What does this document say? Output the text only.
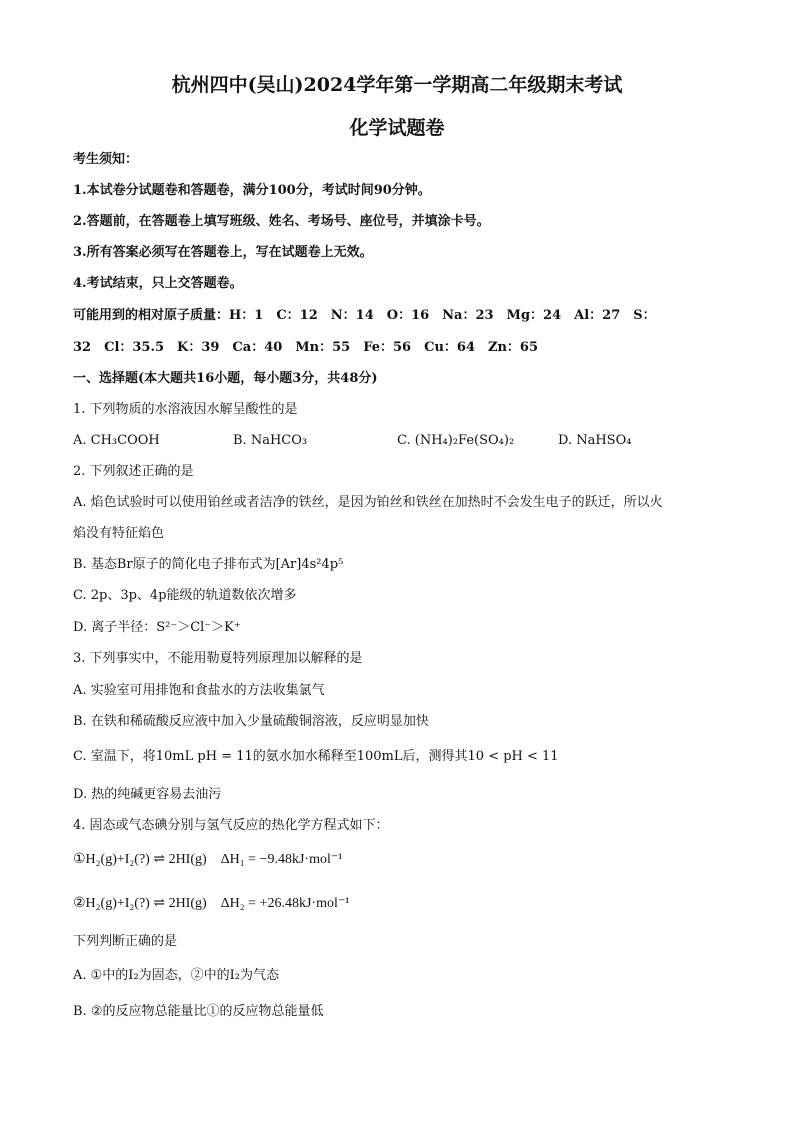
杭州四中(吴山)2024学年第一学期高二年级期末考试
化学试题卷
考生须知：
1.本试卷分试题卷和答题卷，满分100分，考试时间90分钟。
2.答题前，在答题卷上填写班级、姓名、考场号、座位号，并填涂卡号。
3.所有答案必须写在答题卷上，写在试题卷上无效。
4.考试结束，只上交答题卷。
可能用到的相对原子质量：H：1　C：12　N：14　O：16　Na：23　Mg：24　Al：27　S：
32　Cl：35.5　K：39　Ca：40　Mn：55　Fe：56　Cu：64　Zn：65
一、选择题(本大题共16小题，每小题3分，共48分)
1. 下列物质的水溶液因水解呈酸性的是
A. CH₃COOH	B. NaHCO₃	C. (NH₄)₂Fe(SO₄)₂	D. NaHSO₄
2. 下列叙述正确的是
A. 焰色试验时可以使用铂丝或者洁净的铁丝，是因为铂丝和铁丝在加热时不会发生电子的跃迁，所以火
焰没有特征焰色
B. 基态Br原子的简化电子排布式为[Ar]4s²4p⁵
C. 2p、3p、4p能级的轨道数依次增多
D. 离子半径：S²⁻＞Cl⁻＞K⁺
3. 下列事实中，不能用勒夏特列原理加以解释的是
A. 实验室可用排饱和食盐水的方法收集氯气
B. 在铁和稀硫酸反应液中加入少量硫酸铜溶液，反应明显加快
C. 室温下，将10mL pH = 11的氨水加水稀释至100mL后，测得其10 < pH < 11
D. 热的纯碱更容易去油污
4. 固态或气态碘分别与氢气反应的热化学方程式如下：
①H₂(g)+I₂(?) ⇌ 2HI(g)　ΔH₁ = −9.48kJ·mol⁻¹
②H₂(g)+I₂(?) ⇌ 2HI(g)　ΔH₂ = +26.48kJ·mol⁻¹
下列判断正确的是
A. ①中的I₂为固态，②中的I₂为气态
B. ②的反应物总能量比①的反应物总能量低
